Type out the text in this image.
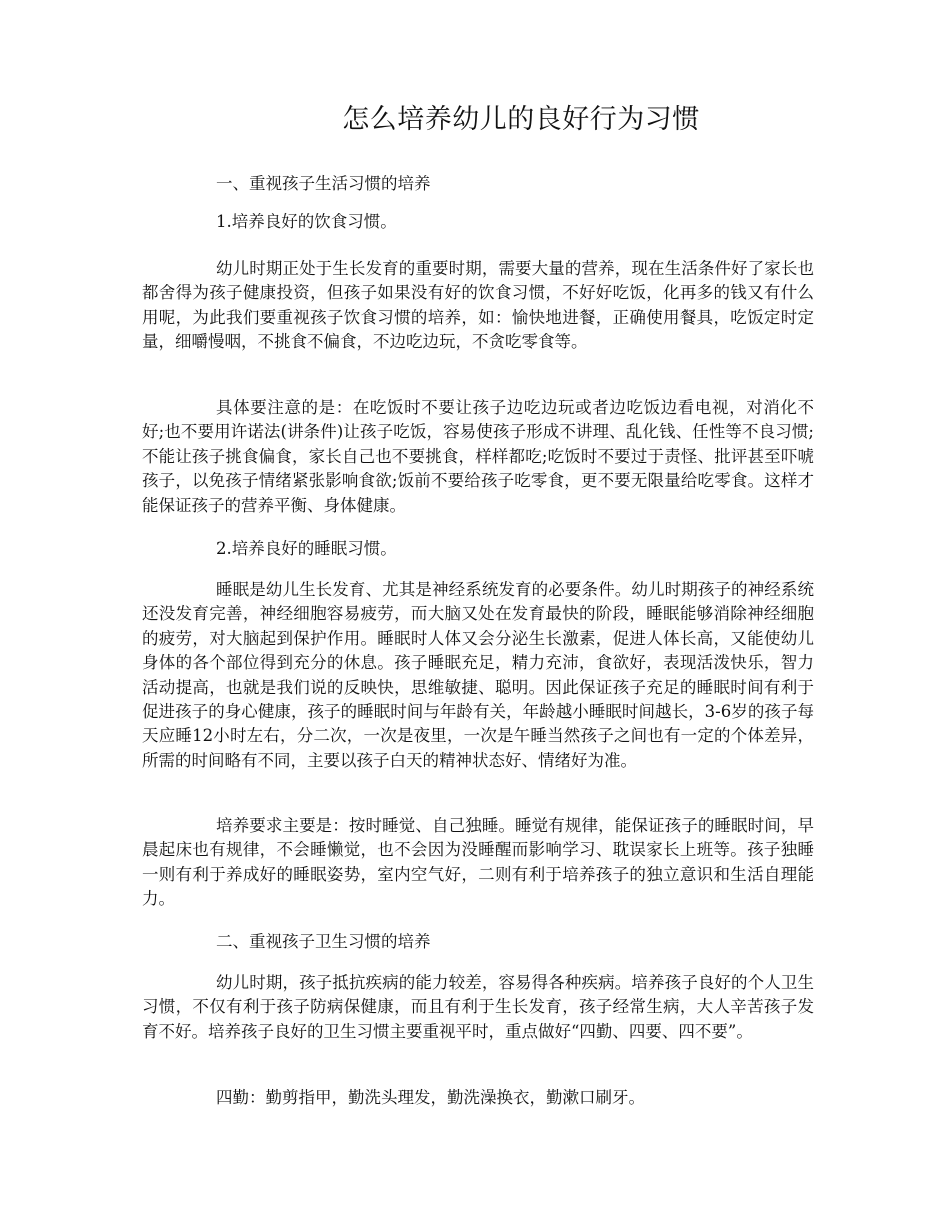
怎么培养幼儿的良好行为习惯
一、重视孩子生活习惯的培养
1.培养良好的饮食习惯。

幼儿时期正处于生长发育的重要时期，需要大量的营养，现在生活条件好了家长也都舍得为孩子健康投资，但孩子如果没有好的饮食习惯，不好好吃饭，化再多的钱又有什么用呢，为此我们要重视孩子饮食习惯的培养，如：愉快地进餐，正确使用餐具，吃饭定时定量，细嚼慢咽，不挑食不偏食，不边吃边玩，不贪吃零食等。

具体要注意的是：在吃饭时不要让孩子边吃边玩或者边吃饭边看电视，对消化不好;也不要用许诺法(讲条件)让孩子吃饭，容易使孩子形成不讲理、乱化钱、任性等不良习惯;不能让孩子挑食偏食，家长自己也不要挑食，样样都吃;吃饭时不要过于责怪、批评甚至吓唬孩子，以免孩子情绪紧张影响食欲;饭前不要给孩子吃零食，更不要无限量给吃零食。这样才能保证孩子的营养平衡、身体健康。

2.培养良好的睡眠习惯。

睡眠是幼儿生长发育、尤其是神经系统发育的必要条件。幼儿时期孩子的神经系统还没发育完善，神经细胞容易疲劳，而大脑又处在发育最快的阶段，睡眠能够消除神经细胞的疲劳，对大脑起到保护作用。睡眠时人体又会分泌生长激素，促进人体长高，又能使幼儿身体的各个部位得到充分的休息。孩子睡眠充足，精力充沛，食欲好，表现活泼快乐，智力活动提高，也就是我们说的反映快，思维敏捷、聪明。因此保证孩子充足的睡眠时间有利于促进孩子的身心健康，孩子的睡眠时间与年龄有关，年龄越小睡眠时间越长，3-6岁的孩子每天应睡12小时左右，分二次，一次是夜里，一次是午睡当然孩子之间也有一定的个体差异，所需的时间略有不同，主要以孩子白天的精神状态好、情绪好为准。

培养要求主要是：按时睡觉、自己独睡。睡觉有规律，能保证孩子的睡眠时间，早晨起床也有规律，不会睡懒觉，也不会因为没睡醒而影响学习、耽误家长上班等。孩子独睡一则有利于养成好的睡眠姿势，室内空气好，二则有利于培养孩子的独立意识和生活自理能力。

二、重视孩子卫生习惯的培养

幼儿时期，孩子抵抗疾病的能力较差，容易得各种疾病。培养孩子良好的个人卫生习惯，不仅有利于孩子防病保健康，而且有利于生长发育，孩子经常生病，大人辛苦孩子发育不好。培养孩子良好的卫生习惯主要重视平时，重点做好“四勤、四要、四不要”。

四勤：勤剪指甲，勤洗头理发，勤洗澡换衣，勤漱口刷牙。
